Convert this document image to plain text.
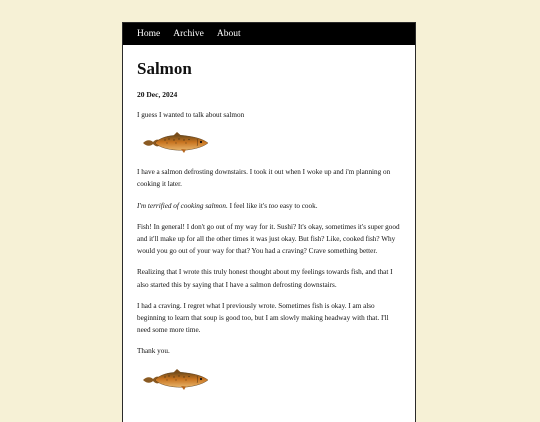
Home Archive About
Salmon
20 Dec, 2024

I guess I wanted to talk about salmon

I have a salmon defrosting downstairs. I took it out when I woke up and i'm planning on cooking it later.

I'm terrified of cooking salmon. I feel like it's too easy to cook.

Fish! In general! I don't go out of my way for it. Sushi? It's okay, sometimes it's super good and it'll make up for all the other times it was just okay. But fish? Like, cooked fish? Why would you go out of your way for that? You had a craving? Crave something better.

Realizing that I wrote this truly honest thought about my feelings towards fish, and that I also started this by saying that I have a salmon defrosting downstairs.

I had a craving. I regret what I previously wrote. Sometimes fish is okay. I am also beginning to learn that soup is good too, but I am slowly making headway with that. I'll need some more time.

Thank you.
